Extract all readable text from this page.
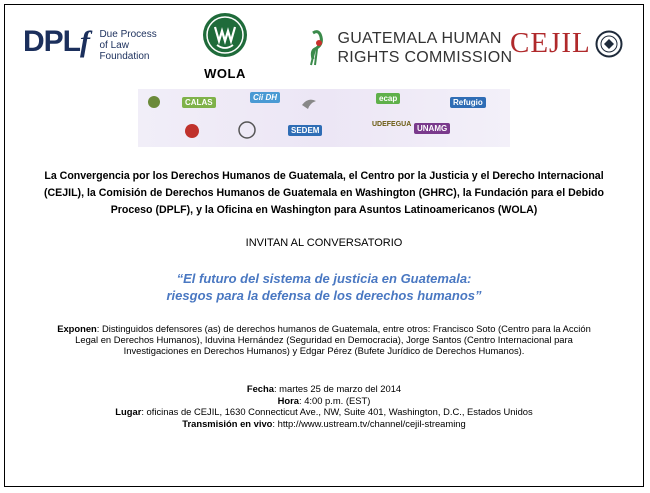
DPLf Due Process
of Law
Foundation
WOLA
GUATEMALA HUMAN
RIGHTS COMMISSION
CEJIL
CALAS
Cii DH	ecap	Refugio
SEDEM
UDEFEGUA UNAMG
La Convergencia por los Derechos Humanos de Guatemala, el Centro por la Justicia y el Derecho Internacional (CEJIL), la Comisión de Derechos Humanos de Guatemala en Washington (GHRC), la Fundación para el Debido Proceso (DPLF), y la Oficina en Washington para Asuntos Latinoamericanos (WOLA)
INVITAN AL CONVERSATORIO
“El futuro del sistema de justicia en Guatemala:
riesgos para la defensa de los derechos humanos”
Exponen: Distinguidos defensores (as) de derechos humanos de Guatemala, entre otros: Francisco Soto (Centro para la Acción Legal en Derechos Humanos), Iduvina Hernández (Seguridad en Democracia), Jorge Santos (Centro Internacional para Investigaciones en Derechos Humanos) y Edgar Pérez (Bufete Jurídico de Derechos Humanos).
Fecha: martes 25 de marzo del 2014
Hora: 4:00 p.m. (EST)
Lugar: oficinas de CEJIL, 1630 Connecticut Ave., NW, Suite 401, Washington, D.C., Estados Unidos
Transmisión en vivo: http://www.ustream.tv/channel/cejil-streaming
